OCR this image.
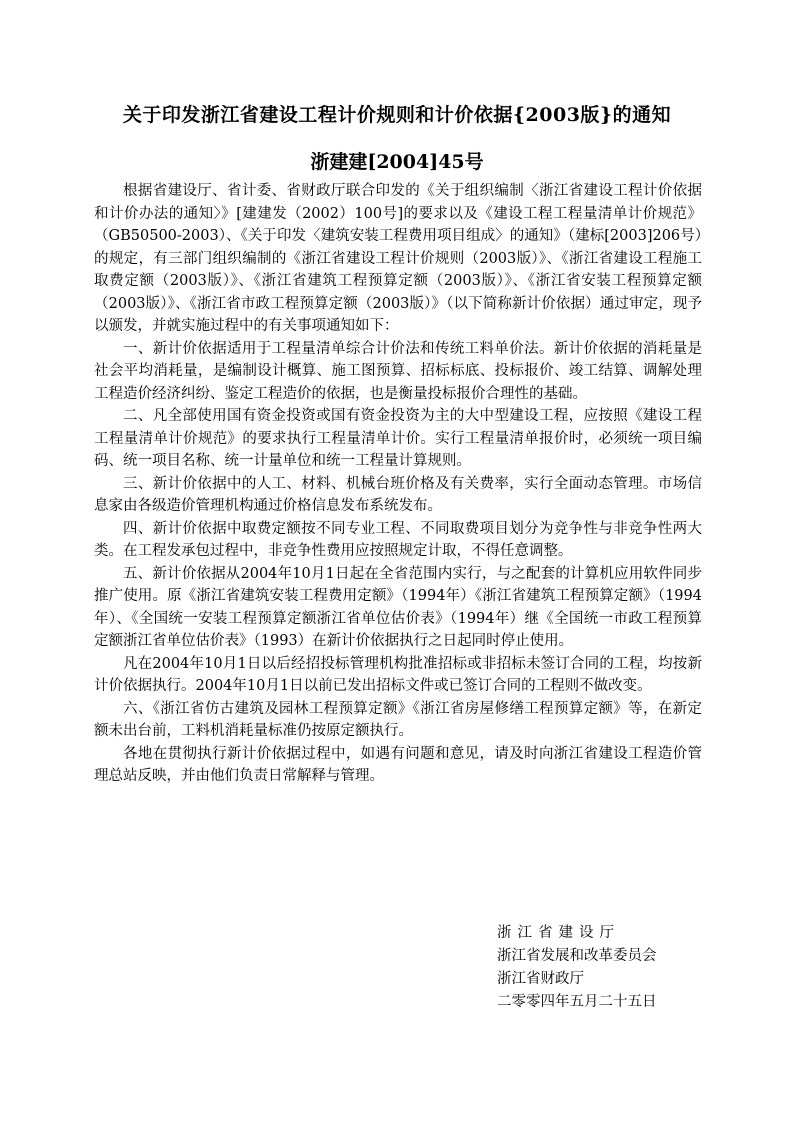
关于印发浙江省建设工程计价规则和计价依据{2003版}的通知
浙建建[2004]45号

根据省建设厅、省计委、省财政厅联合印发的《关于组织编制〈浙江省建设工程计价依据和计价办法的通知〉》[建建发（2002）100号]的要求以及《建设工程工程量清单计价规范》（GB50500-2003）、《关于印发〈建筑安装工程费用项目组成〉的通知》（建标[2003]206号）的规定，有三部门组织编制的《浙江省建设工程计价规则（2003版）》、《浙江省建设工程施工取费定额（2003版）》、《浙江省建筑工程预算定额（2003版）》、《浙江省安装工程预算定额（2003版）》、《浙江省市政工程预算定额（2003版）》（以下简称新计价依据）通过审定，现予以颁发，并就实施过程中的有关事项通知如下：

一、新计价依据适用于工程量清单综合计价法和传统工料单价法。新计价依据的消耗量是社会平均消耗量，是编制设计概算、施工图预算、招标标底、投标报价、竣工结算、调解处理工程造价经济纠纷、鉴定工程造价的依据，也是衡量投标报价合理性的基础。

二、凡全部使用国有资金投资或国有资金投资为主的大中型建设工程，应按照《建设工程工程量清单计价规范》的要求执行工程量清单计价。实行工程量清单报价时，必须统一项目编码、统一项目名称、统一计量单位和统一工程量计算规则。

三、新计价依据中的人工、材料、机械台班价格及有关费率，实行全面动态管理。市场信息家由各级造价管理机构通过价格信息发布系统发布。

四、新计价依据中取费定额按不同专业工程、不同取费项目划分为竞争性与非竞争性两大类。在工程发承包过程中，非竞争性费用应按照规定计取，不得任意调整。

五、新计价依据从2004年10月1日起在全省范围内实行，与之配套的计算机应用软件同步推广使用。原《浙江省建筑安装工程费用定额》（1994年）《浙江省建筑工程预算定额》（1994年）、《全国统一安装工程预算定额浙江省单位估价表》（1994年）继《全国统一市政工程预算定额浙江省单位估价表》（1993）在新计价依据执行之日起同时停止使用。

凡在2004年10月1日以后经招投标管理机构批准招标或非招标未签订合同的工程，均按新计价依据执行。2004年10月1日以前已发出招标文件或已签订合同的工程则不做改变。

六、《浙江省仿古建筑及园林工程预算定额》《浙江省房屋修缮工程预算定额》等，在新定额未出台前，工料机消耗量标准仍按原定额执行。

各地在贯彻执行新计价依据过程中，如遇有问题和意见，请及时向浙江省建设工程造价管理总站反映，并由他们负责日常解释与管理。

浙江省建设厅
浙江省发展和改革委员会
浙江省财政厅
二零零四年五月二十五日
